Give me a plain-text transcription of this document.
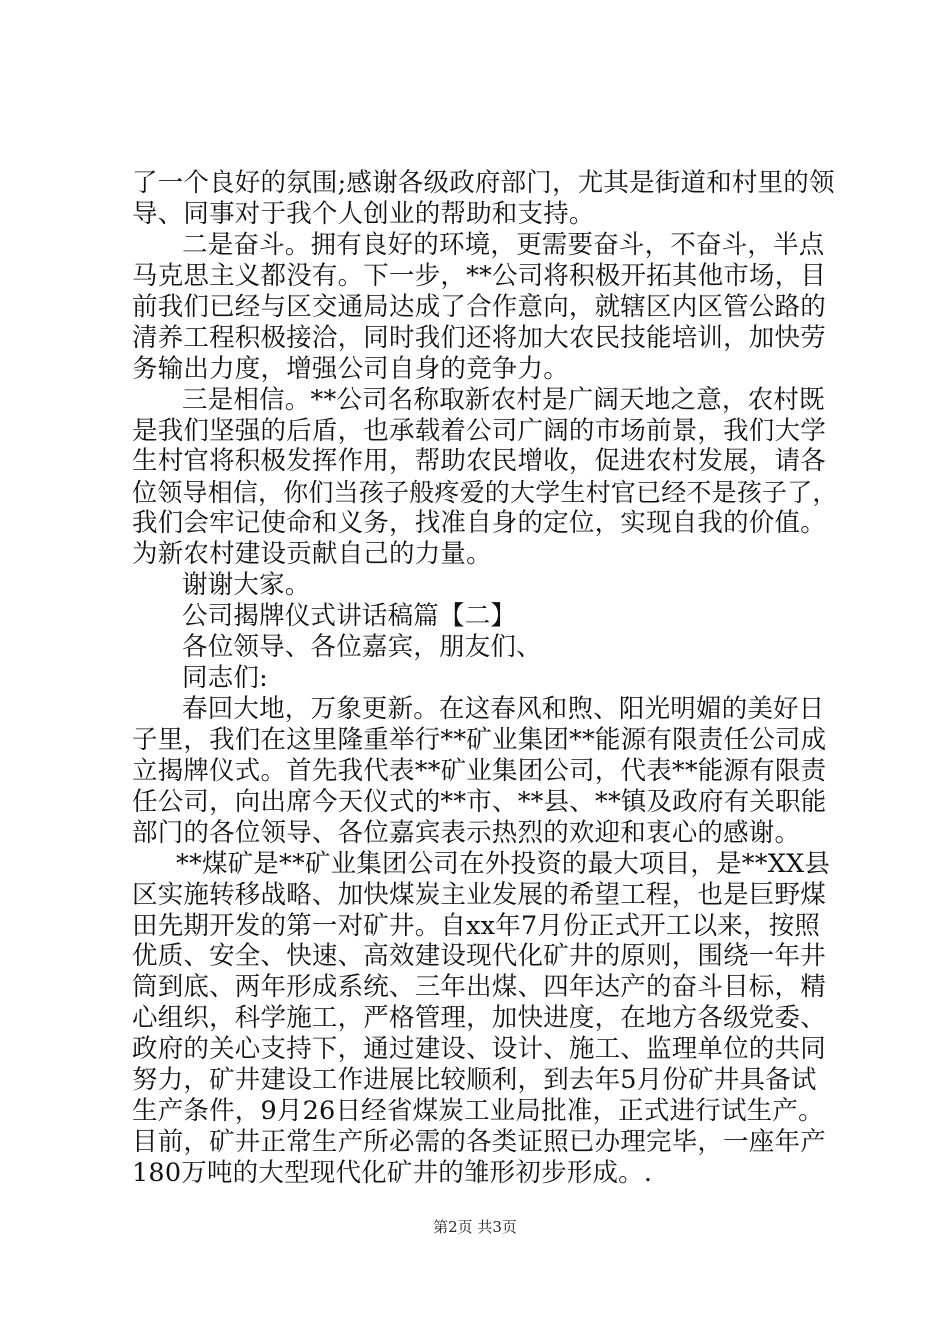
了一个良好的氛围;感谢各级政府部门，尤其是街道和村里的领
导、同事对于我个人创业的帮助和支持。
二是奋斗。拥有良好的环境，更需要奋斗，不奋斗，半点
马克思主义都没有。下一步，**公司将积极开拓其他市场，目
前我们已经与区交通局达成了合作意向，就辖区内区管公路的
清养工程积极接洽，同时我们还将加大农民技能培训，加快劳
务输出力度，增强公司自身的竞争力。
三是相信。**公司名称取新农村是广阔天地之意，农村既
是我们坚强的后盾，也承载着公司广阔的市场前景，我们大学
生村官将积极发挥作用，帮助农民增收，促进农村发展，请各
位领导相信，你们当孩子般疼爱的大学生村官已经不是孩子了，
我们会牢记使命和义务，找准自身的定位，实现自我的价值。
为新农村建设贡献自己的力量。
谢谢大家。
公司揭牌仪式讲话稿篇【二】
各位领导、各位嘉宾，朋友们、
同志们:
春回大地，万象更新。在这春风和煦、阳光明媚的美好日
子里，我们在这里隆重举行**矿业集团**能源有限责任公司成
立揭牌仪式。首先我代表**矿业集团公司，代表**能源有限责
任公司，向出席今天仪式的**市、**县、**镇及政府有关职能
部门的各位领导、各位嘉宾表示热烈的欢迎和衷心的感谢。
**煤矿是**矿业集团公司在外投资的最大项目，是**XX县
区实施转移战略、加快煤炭主业发展的希望工程，也是巨野煤
田先期开发的第一对矿井。自xx年7月份正式开工以来，按照
优质、安全、快速、高效建设现代化矿井的原则，围绕一年井
筒到底、两年形成系统、三年出煤、四年达产的奋斗目标，精
心组织，科学施工，严格管理，加快进度，在地方各级党委、
政府的关心支持下，通过建设、设计、施工、监理单位的共同
努力，矿井建设工作进展比较顺利，到去年5月份矿井具备试
生产条件，9月26日经省煤炭工业局批准，正式进行试生产。
目前，矿井正常生产所必需的各类证照已办理完毕，一座年产
180万吨的大型现代化矿井的雏形初步形成。.
第2页 共3页
